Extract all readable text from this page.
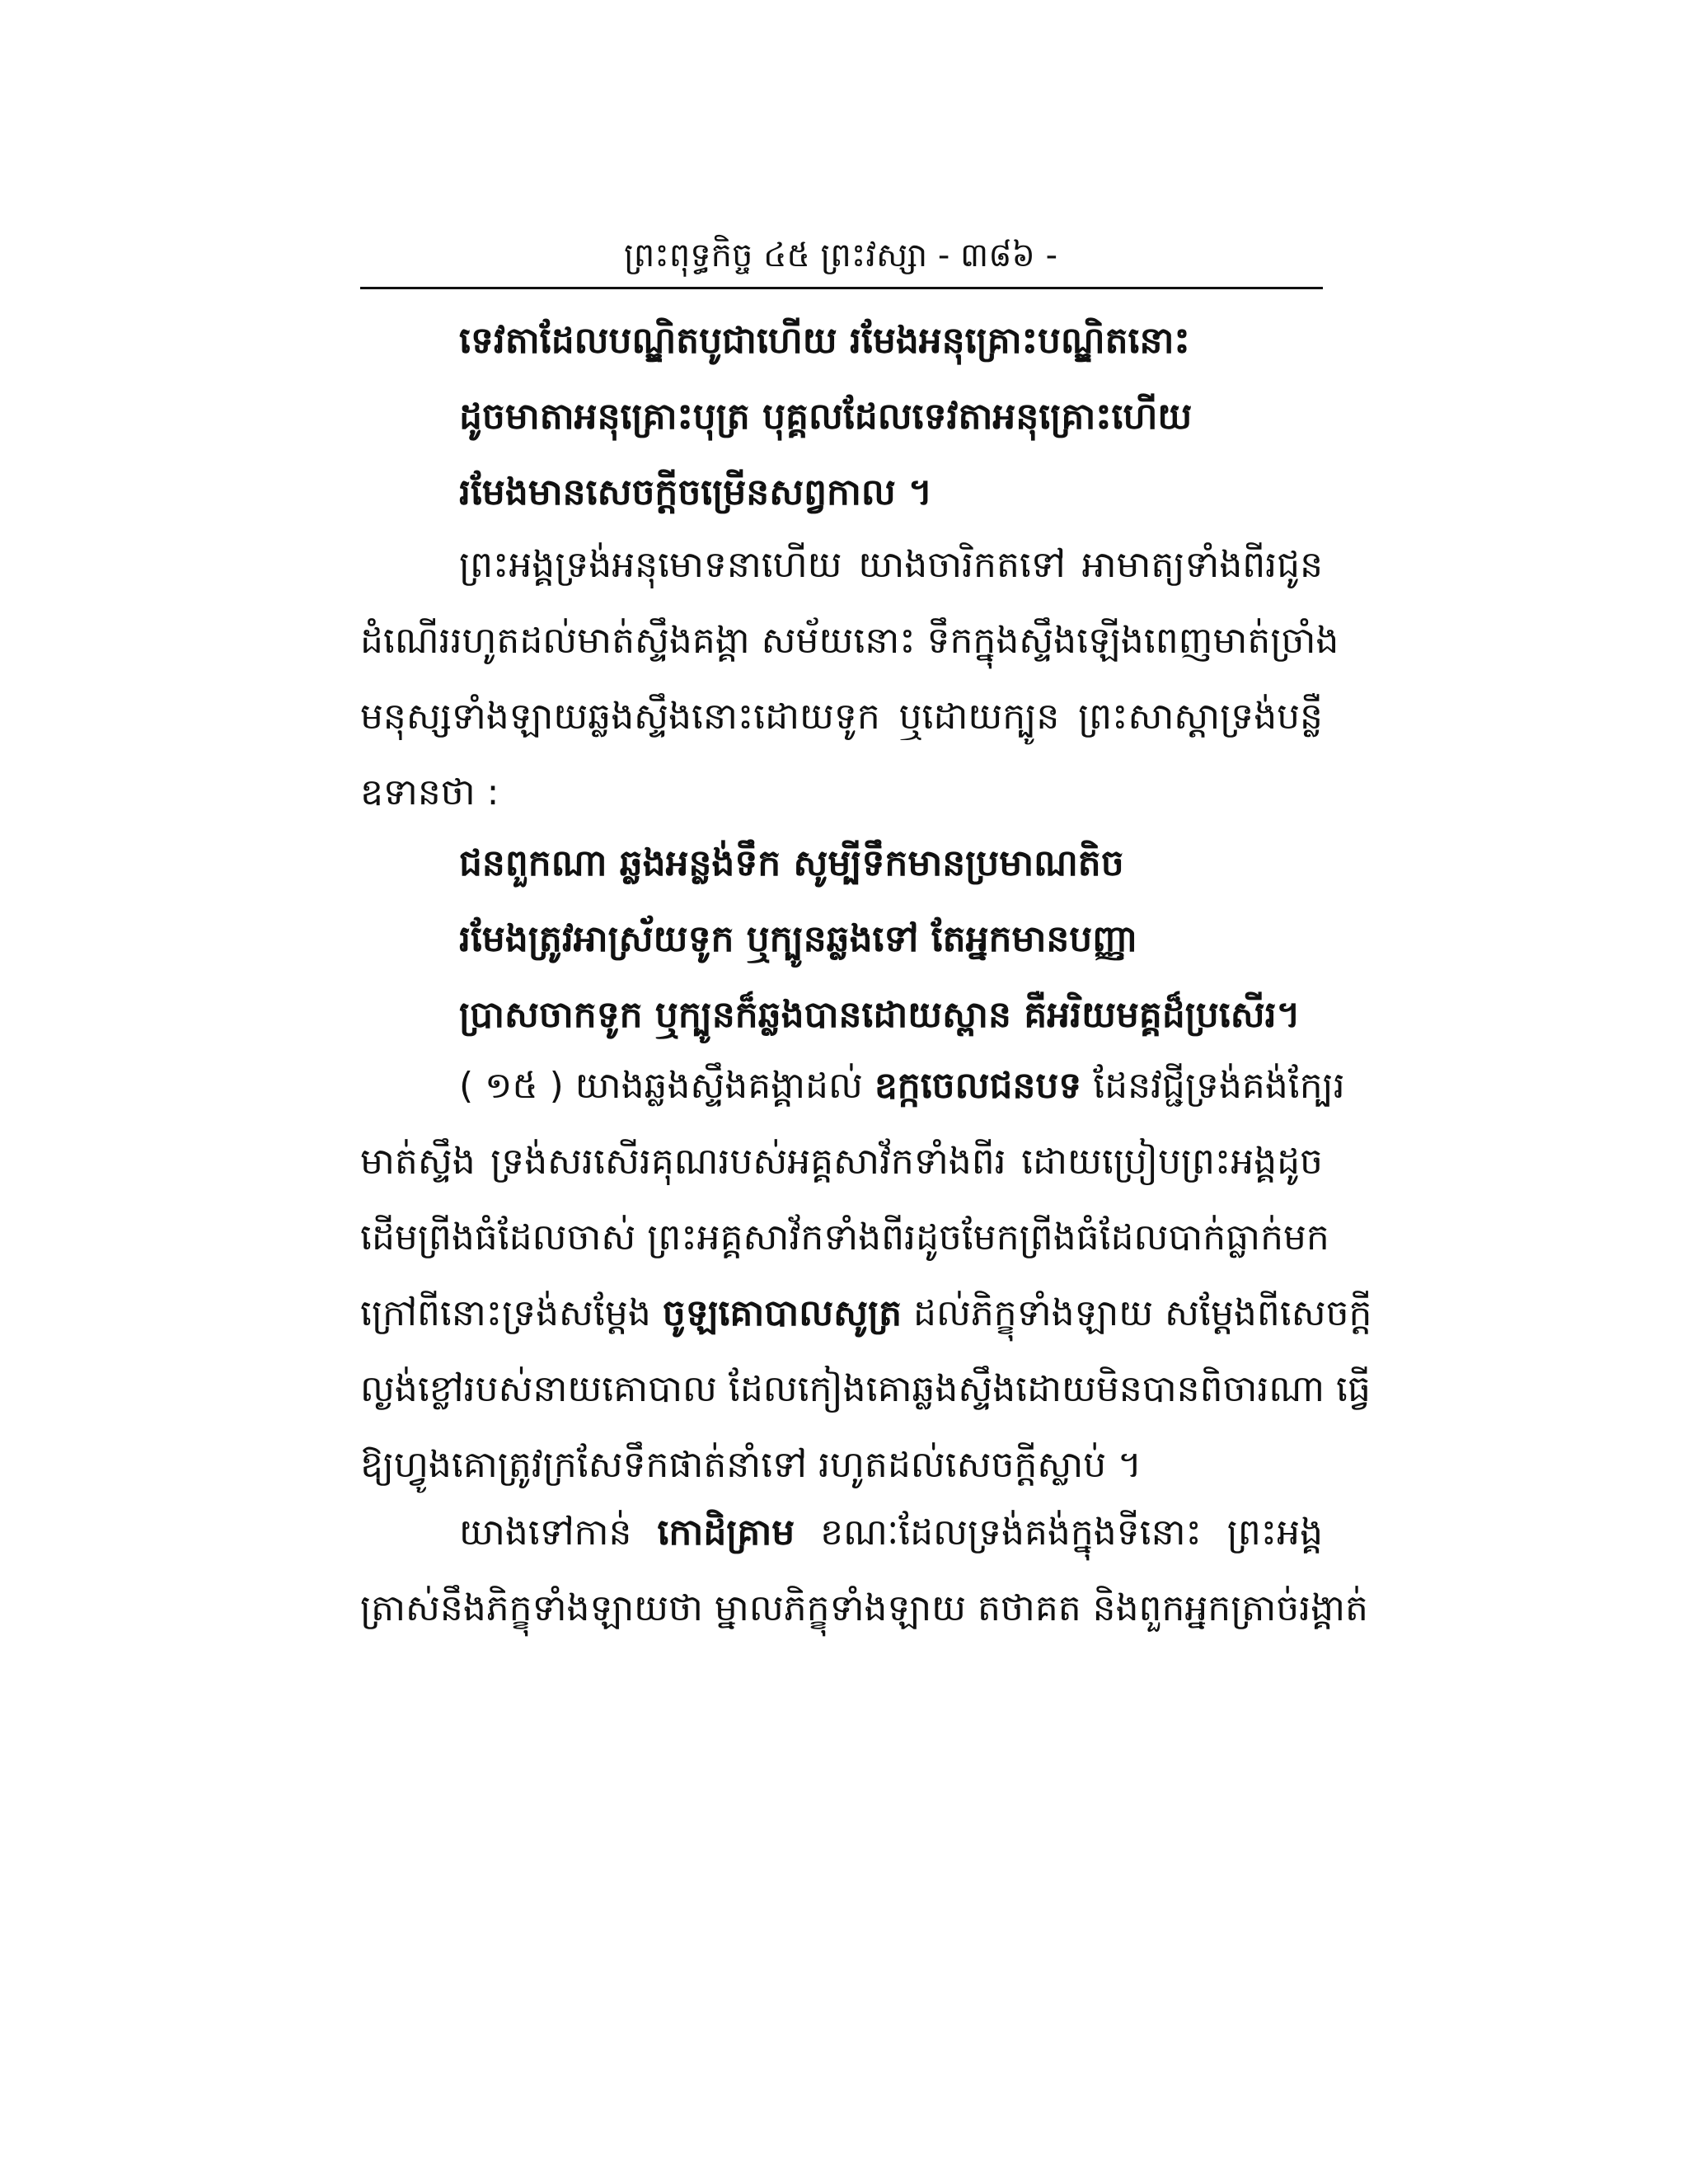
ព្រះពុទ្ធកិច្ច ៤៥ ព្រះវស្សា - ៣៨៦ -
ទេវតាដែលបណ្ឌិតបូជាហើយ រមែងអនុគ្រោះបណ្ឌិតនោះ
ដូចមាតាអនុគ្រោះបុត្រ បុគ្គលដែលទេវតាអនុគ្រោះហើយ
រមែងមានសេចក្តីចម្រើនសព្វកាល ។
ព្រះអង្គទ្រង់អនុមោទនាហើយ យាងចារិកតទៅ អាមាត្យទាំងពីរជូន
ដំណើររហូតដល់មាត់ស្ទឹងគង្គា សម័យនោះ ទឹកក្នុងស្ទឹងឡើងពេញមាត់ច្រាំង
មនុស្សទាំងឡាយឆ្លងស្ទឹងនោះដោយទូក ឬដោយក្បូន ព្រះសាស្តាទ្រង់បន្លឺ
ឧទានថា :
ជនពួកណា ឆ្លងអន្លង់ទឹក សូម្បីទឹកមានប្រមាណតិច
រមែងត្រូវអាស្រ័យទូក ឬក្បូនឆ្លងទៅ តែអ្នកមានបញ្ញា
ប្រាសចាកទូក ឬក្បូនក៏ឆ្លងបានដោយស្ពាន គឺអរិយមគ្គដ៏ប្រសើរ។
( ១៥ ) យាងឆ្លងស្ទឹងគង្គាដល់ ឧក្កចេលជនបទ ដែនវជ្ជីទ្រង់គង់ក្បែរ
មាត់ស្ទឹង ទ្រង់សរសើរគុណរបស់អគ្គសាវ័កទាំងពីរ ដោយប្រៀបព្រះអង្គដូច
ដើមព្រីងធំដែលចាស់ ព្រះអគ្គសាវ័កទាំងពីរដូចមែកព្រីងធំដែលបាក់ធ្លាក់មក
ក្រៅពីនោះទ្រង់សម្តែង ចូឡគោបាលសូត្រ ដល់ភិក្ខុទាំងឡាយ សម្តែងពីសេចក្តី
ល្ងង់ខ្លៅរបស់នាយគោបាល ដែលកៀងគោឆ្លងស្ទឹងដោយមិនបានពិចារណា ធ្វើ
ឱ្យហ្វូងគោត្រូវក្រសែទឹកផាត់នាំទៅ រហូតដល់សេចក្តីស្លាប់ ។
យាងទៅកាន់ កោដិគ្រាម ខណៈដែលទ្រង់គង់ក្នុងទីនោះ ព្រះអង្គ
ត្រាស់នឹងភិក្ខុទាំងឡាយថា ម្នាលភិក្ខុទាំងឡាយ តថាគត និងពួកអ្នកត្រាច់រង្គាត់
